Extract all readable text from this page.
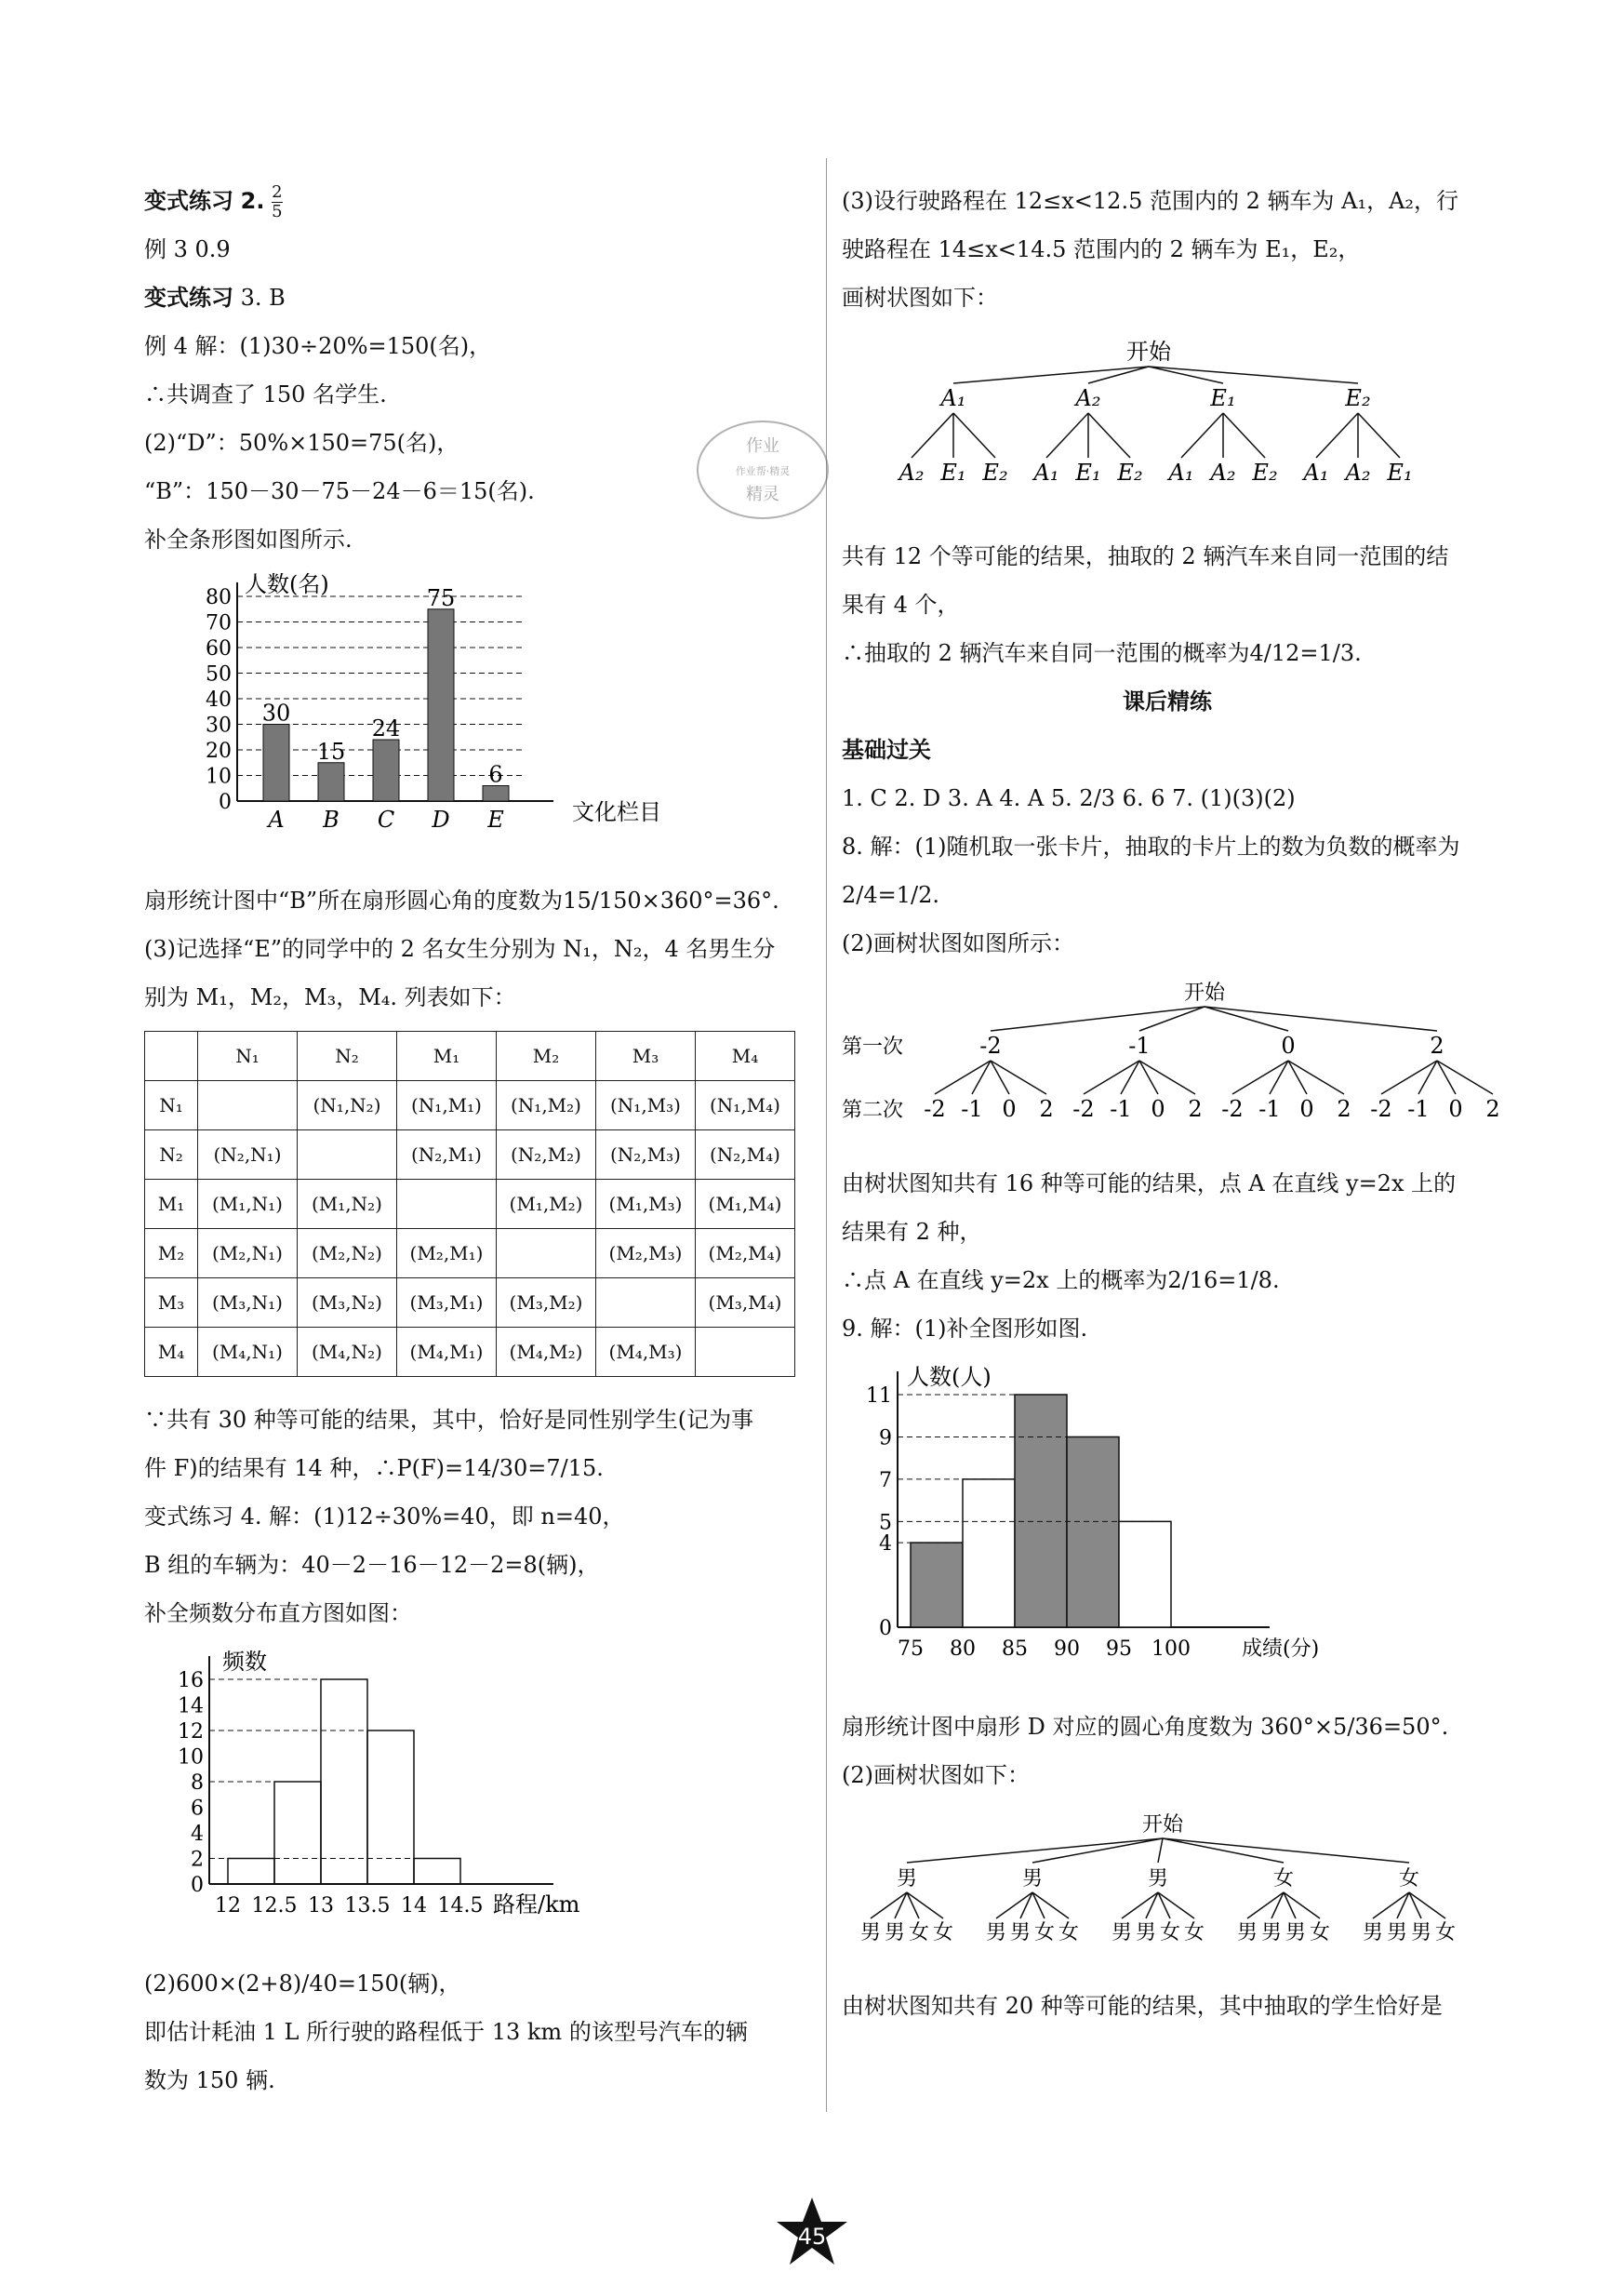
变式练习 2. $\frac{2}{5}$

例 3 0.9

变式练习 3. B

例 4 解：(1)30÷20%=150(名)，

∴共调查了 150 名学生.

(2)“D”：50%×150=75(名)，

“B”：150－30－75－24－6＝15(名).

补全条形图如图所示.

人数(名)
文化栏目
0
10
20
30
40
50
60
70
80
30
A
15
B
24
C
75
D
6
E

扇形统计图中“B”所在扇形圆心角的度数为15/150×360°=36°.

(3)记选择“E”的同学中的 2 名女生分别为 N₁，N₂，4 名男生分

别为 M₁，M₂，M₃，M₄. 列表如下：

	N₁	N₂	M₁	M₂	M₃	M₄
N₁		(N₁,N₂)	(N₁,M₁)	(N₁,M₂)	(N₁,M₃)	(N₁,M₄)
N₂	(N₂,N₁)		(N₂,M₁)	(N₂,M₂)	(N₂,M₃)	(N₂,M₄)
M₁	(M₁,N₁)	(M₁,N₂)		(M₁,M₂)	(M₁,M₃)	(M₁,M₄)
M₂	(M₂,N₁)	(M₂,N₂)	(M₂,M₁)		(M₂,M₃)	(M₂,M₄)
M₃	(M₃,N₁)	(M₃,N₂)	(M₃,M₁)	(M₃,M₂)		(M₃,M₄)
M₄	(M₄,N₁)	(M₄,N₂)	(M₄,M₁)	(M₄,M₂)	(M₄,M₃)	

∵共有 30 种等可能的结果，其中，恰好是同性别学生(记为事

件 F)的结果有 14 种，∴P(F)=14/30=7/15.

变式练习 4. 解：(1)12÷30%=40，即 n=40，

B 组的车辆为：40－2－16－12－2=8(辆)，

补全频数分布直方图如图：

频数
路程/km
0
2
4
6
8
10
12
14
16
12 12.5 13 13.5 14 14.5

(2)600×(2+8)/40=150(辆)，

即估计耗油 1 L 所行驶的路程低于 13 km 的该型号汽车的辆

数为 150 辆.

(3)设行驶路程在 12≤x<12.5 范围内的 2 辆车为 A₁，A₂，行

驶路程在 14≤x<14.5 范围内的 2 辆车为 E₁，E₂，

画树状图如下：

开始
A₁
A₂ E₁ E₂
A₂
A₁ E₁ E₂
E₁
A₁ A₂ E₂
E₂
A₁ A₂ E₁

共有 12 个等可能的结果，抽取的 2 辆汽车来自同一范围的结

果有 4 个，

∴抽取的 2 辆汽车来自同一范围的概率为4/12=1/3.

课后精练

基础过关

1. C 2. D 3. A 4. A 5. 2/3 6. 6 7. (1)(3)(2)

8. 解：(1)随机取一张卡片，抽取的卡片上的数为负数的概率为

2/4=1/2.

(2)画树状图如图所示：

开始
第一次
第二次
-2
-2 -1 0 2
-1
-2 -1 0 2
0
-2 -1 0 2
2
-2 -1 0 2

由树状图知共有 16 种等可能的结果，点 A 在直线 y=2x 上的

结果有 2 种，

∴点 A 在直线 y=2x 上的概率为2/16=1/8.

9. 解：(1)补全图形如图.

人数(人)
成绩(分)
0
4
5
7
9
11
75 80 85 90 95 100

扇形统计图中扇形 D 对应的圆心角度数为 360°×5/36=50°.

(2)画树状图如下：

开始
男
男 男 女 女
男
男 男 女 女
男
男 男 女 女
女
男 男 男 女
女
男 男 男 女

由树状图知共有 20 种等可能的结果，其中抽取的学生恰好是

作业
作业帮·精灵
精灵
45
